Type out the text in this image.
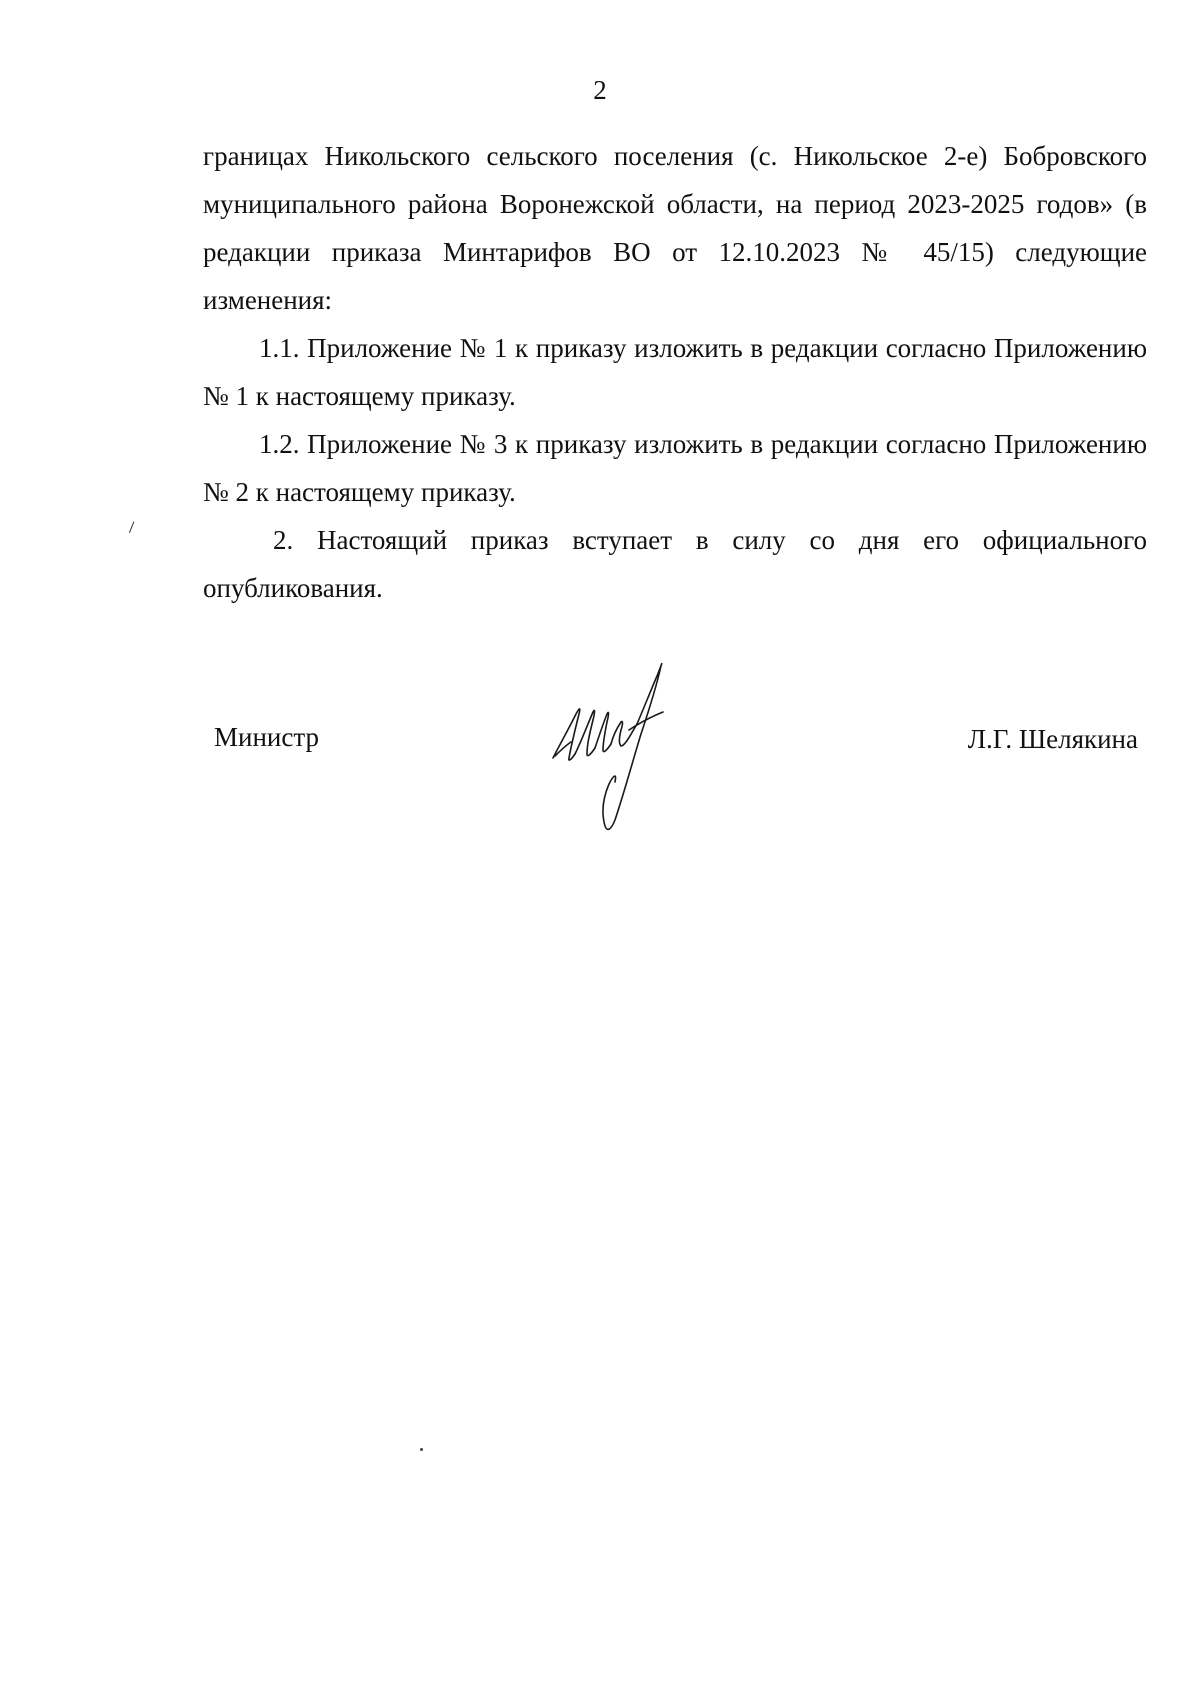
2

границах Никольского сельского поселения (с. Никольское 2-е) Бобровского муниципального района Воронежской области, на период 2023-2025 годов» (в редакции приказа Минтарифов ВО от 12.10.2023 № 45/15) следующие изменения:

1.1. Приложение № 1 к приказу изложить в редакции согласно Приложению № 1 к настоящему приказу.

1.2. Приложение № 3 к приказу изложить в редакции согласно Приложению № 2 к настоящему приказу.

2. Настоящий приказ вступает в силу со дня его официального опубликования.

Министр	Л.Г. Шелякина
